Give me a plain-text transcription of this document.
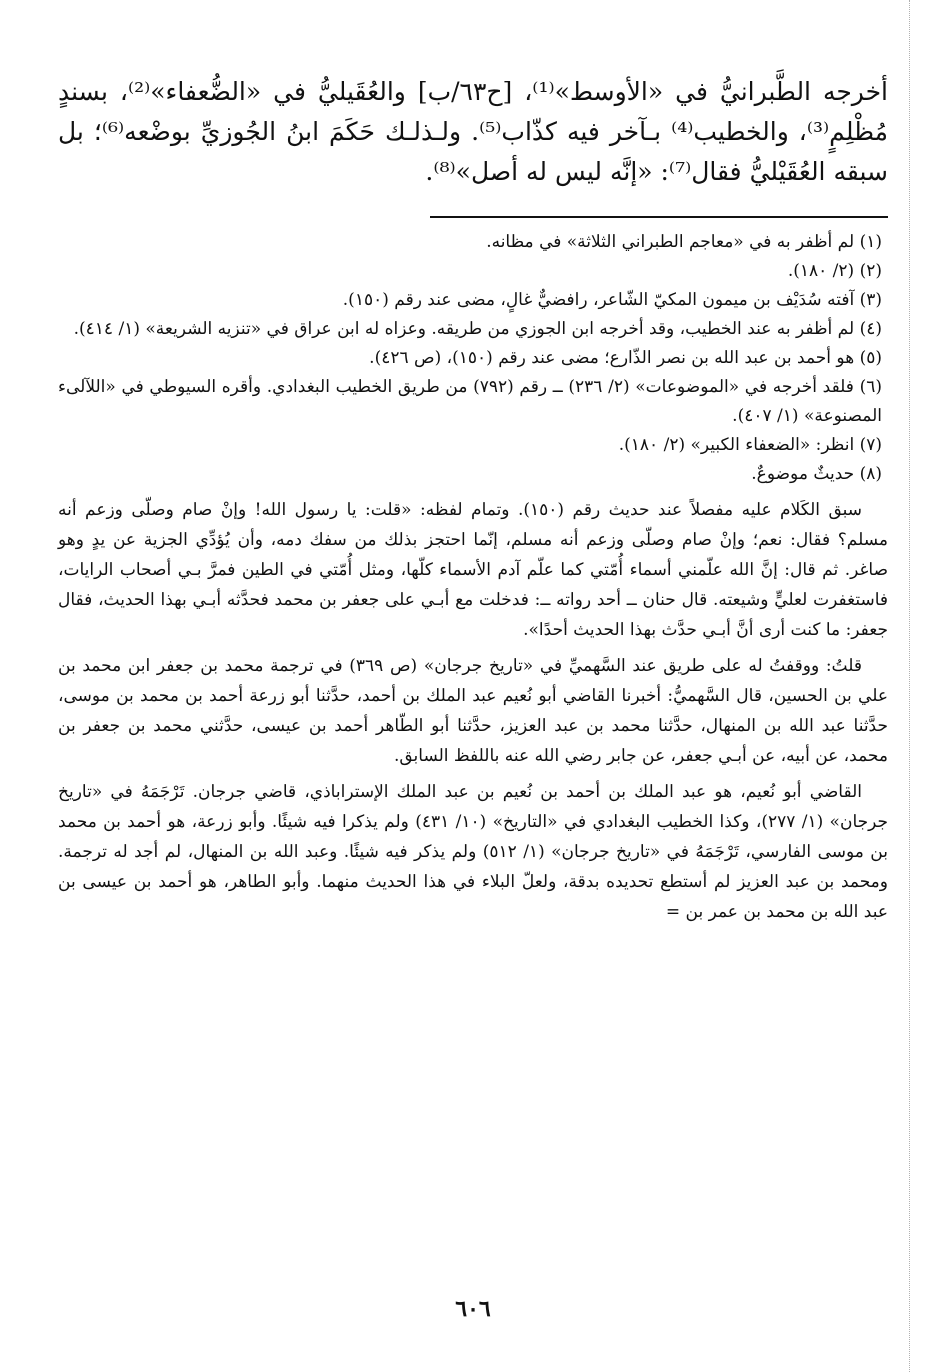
أخرجه الطَّبرانيُّ في «الأوسط»⁽¹⁾، [ح٦٣/ب] والعُقَيليُّ في «الضُّعفاء»⁽²⁾، بسندٍ مُظْلِمٍ⁽³⁾، والخطيب⁽⁴⁾ بـآخر فيه كذّاب⁽⁵⁾. ولـذلـك حَكَمَ ابنُ الجُوزيِّ بوضْعه⁽⁶⁾؛ بل سبقه العُقَيْليُّ فقال⁽⁷⁾: «إنَّه ليس له أصل»⁽⁸⁾.

(١) لم أظفر به في «معاجم الطبراني الثلاثة» في مظانه.

(٢) (٢/ ١٨٠).

(٣) آفته سُدَيْف بن ميمون المكيّ الشّاعر، رافضيٌّ غالٍ، مضى عند رقم (١٥٠).

(٤) لم أظفر به عند الخطيب، وقد أخرجه ابن الجوزي من طريقه. وعزاه له ابن عراق في «تنزيه الشريعة» (١/ ٤١٤).

(٥) هو أحمد بن عبد الله بن نصر الذّارع؛ مضى عند رقم (١٥٠)، (ص ٤٢٦).

(٦) فلقد أخرجه في «الموضوعات» (٢/ ٢٣٦) ــ رقم (٧٩٢) من طريق الخطيب البغدادي. وأقره السيوطي في «اللآلىء المصنوعة» (١/ ٤٠٧).

(٧) انظر: «الضعفاء الكبير» (٢/ ١٨٠).

(٨) حديثٌ موضوعٌ.

سبق الكَلام عليه مفصلاً عند حديث رقم (١٥٠). وتمام لفظه: «قلت: يا رسول الله! وإنْ صام وصلّى وزعم أنه مسلم؟ فقال: نعم؛ وإنْ صام وصلّى وزعم أنه مسلم، إنّما احتجز بذلك من سفك دمه، وأن يُؤدِّي الجزية عن يدٍ وهو صاغر. ثم قال: إنَّ الله علّمني أسماء أُمّتي كما علّم آدم الأسماء كلّها، ومثل أُمّتي في الطين فمرَّ بـي أصحاب الرايات، فاستغفرت لعليٍّ وشيعته. قال حنان ــ أحد رواته ــ: فدخلت مع أبـي على جعفر بن محمد فحدَّثه أبـي بهذا الحديث، فقال جعفر: ما كنت أرى أنَّ أبـي حدَّث بهذا الحديث أحدًا».

قلتُ: ووقفتُ له على طريق عند السَّهميِّ في «تاريخ جرجان» (ص ٣٦٩) في ترجمة محمد بن جعفر ابن محمد بن علي بن الحسين، قال السَّهميُّ: أخبرنا القاضي أبو نُعيم عبد الملك بن أحمد، حدَّثنا أبو زرعة أحمد بن محمد بن موسى، حدَّثنا عبد الله بن المنهال، حدَّثنا محمد بن عبد العزيز، حدَّثنا أبو الطّاهر أحمد بن عيسى، حدَّثني محمد بن جعفر بن محمد، عن أبيه، عن أبـي جعفر، عن جابر رضي الله عنه باللفظ السابق.

القاضي أبو نُعيم، هو عبد الملك بن أحمد بن نُعيم بن عبد الملك الإستراباذي، قاضي جرجان. تَرْجَمَهُ في «تاريخ جرجان» (١/ ٢٧٧)، وكذا الخطيب البغدادي في «التاريخ» (١٠/ ٤٣١) ولم يذكرا فيه شيئًا. وأبو زرعة، هو أحمد بن محمد بن موسى الفارسي، تَرْجَمَهُ في «تاريخ جرجان» (١/ ٥١٢) ولم يذكر فيه شيئًا. وعبد الله بن المنهال، لم أجد له ترجمة. ومحمد بن عبد العزيز لم أستطع تحديده بدقة، ولعلّ البلاء في هذا الحديث منهما. وأبو الطاهر، هو أحمد بن عيسى بن عبد الله بن محمد بن عمر بن =

٦٠٦
